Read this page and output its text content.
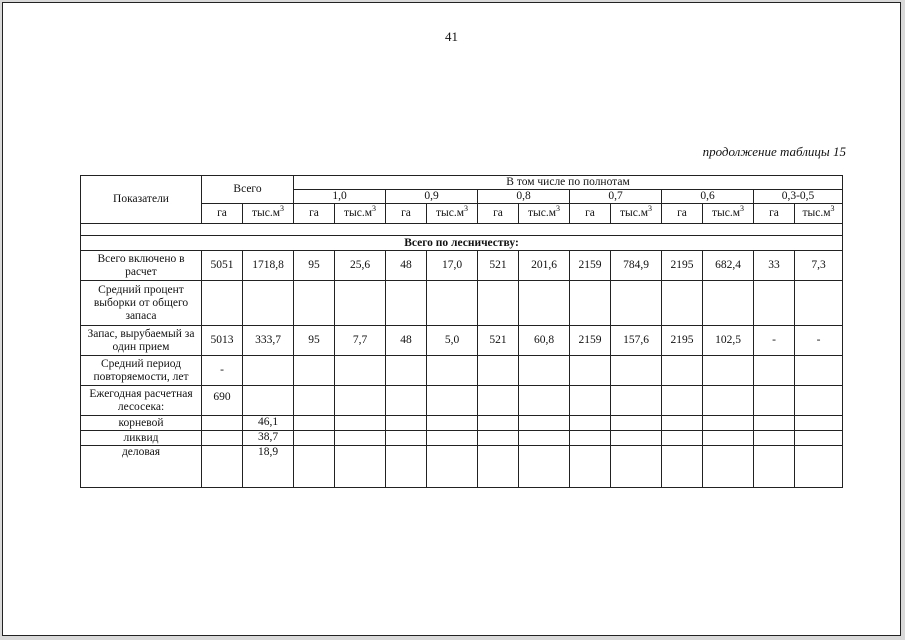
41
продолжение таблицы 15
Показатели	Всего		В том числе по полнотам											
			1,0		0,9		0,8		0,7		0,6		0,3-0,5	
	га	$тыс.м^3$	га	$тыс.м^3$	га	$тыс.м^3$	га	$тыс.м^3$	га	$тыс.м^3$	га	$тыс.м^3$	га	$тыс.м^3$

Всего по лесничеству:														
Всего включено в расчет	5051	1718,8	95	25,6	48	17,0	521	201,6	2159	784,9	2195	682,4	33	7,3
Средний процент выборки от общего запаса														
Запас, вырубаемый за один прием	5013	333,7	95	7,7	48	5,0	521	60,8	2159	157,6	2195	102,5	-	-
Средний период повторяемости, лет	-													
Ежегодная расчетная лесосека:	690													
корневой		46,1												
ликвид		38,7												
деловая		18,9												
